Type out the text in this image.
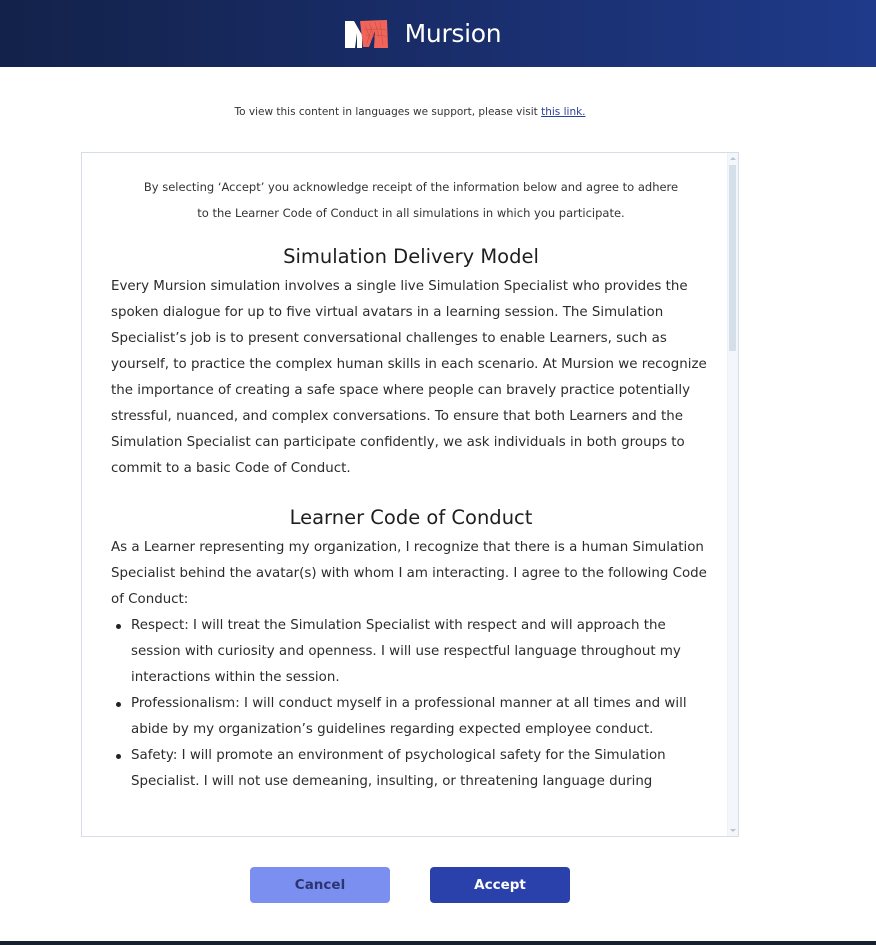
Mursion

To view this content in languages we support, please visit this link.

By selecting ‘Accept’ you acknowledge receipt of the information below and agree to adhere
to the Learner Code of Conduct in all simulations in which you participate.

Simulation Delivery Model

Every Mursion simulation involves a single live Simulation Specialist who provides the spoken dialogue for up to five virtual avatars in a learning session. The Simulation Specialist’s job is to present conversational challenges to enable Learners, such as yourself, to practice the complex human skills in each scenario. At Mursion we recognize the importance of creating a safe space where people can bravely practice potentially stressful, nuanced, and complex conversations. To ensure that both Learners and the Simulation Specialist can participate confidently, we ask individuals in both groups to commit to a basic Code of Conduct.

Learner Code of Conduct

As a Learner representing my organization, I recognize that there is a human Simulation Specialist behind the avatar(s) with whom I am interacting. I agree to the following Code of Conduct:

Respect: I will treat the Simulation Specialist with respect and will approach the session with curiosity and openness. I will use respectful language throughout my interactions within the session.
Professionalism: I will conduct myself in a professional manner at all times and will abide by my organization’s guidelines regarding expected employee conduct.
Safety: I will promote an environment of psychological safety for the Simulation Specialist. I will not use demeaning, insulting, or threatening language during
Cancel	Accept
